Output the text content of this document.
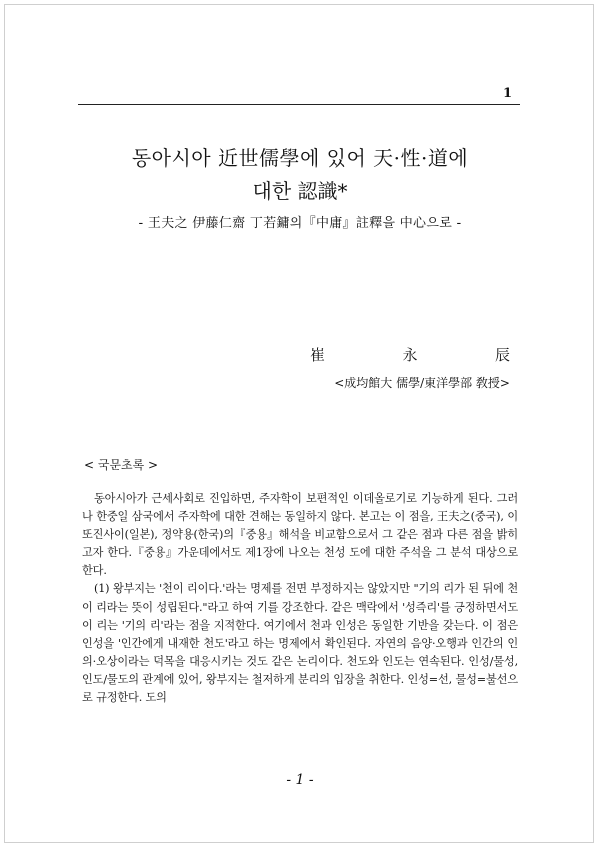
1
동아시아 近世儒學에 있어 天·性·道에
대한 認識*
- 王夫之 伊藤仁齋 丁若鏞의『中庸』註釋을 中心으로 -
崔	永	辰
<成均館大 儒學/東洋學部 敎授>
< 국문초록 >

동아시아가 근세사회로 진입하면, 주자학이 보편적인 이데올로기로 기능하게 된다. 그러나 한중일 삼국에서 주자학에 대한 견해는 동일하지 않다. 본고는 이 점을, 王夫之(중국), 이또진사이(일본), 정약용(한국)의『중용』해석을 비교함으로서 그 같은 점과 다른 점을 밝히고자 한다.『중용』가운데에서도 제1장에 나오는 천성 도에 대한 주석을 그 분석 대상으로 한다.

(1) 왕부지는 '천이 리이다.'라는 명제를 전면 부정하지는 않았지만 "기의 리가 된 뒤에 천이 리라는 뜻이 성립된다."라고 하여 기를 강조한다. 같은 맥락에서 '성즉리'를 긍정하면서도 이 리는 '기의 리'라는 점을 지적한다. 여기에서 천과 인성은 동일한 기반을 갖는다. 이 점은 인성을 '인간에게 내재한 천도'라고 하는 명제에서 확인된다. 자연의 음양·오행과 인간의 인의·오상이라는 덕목을 대응시키는 것도 같은 논리이다. 천도와 인도는 연속된다. 인성/물성, 인도/물도의 관계에 있어, 왕부지는 철저하게 분리의 입장을 취한다. 인성=선, 물성=불선으로 규정한다. 도의

- 1 -
